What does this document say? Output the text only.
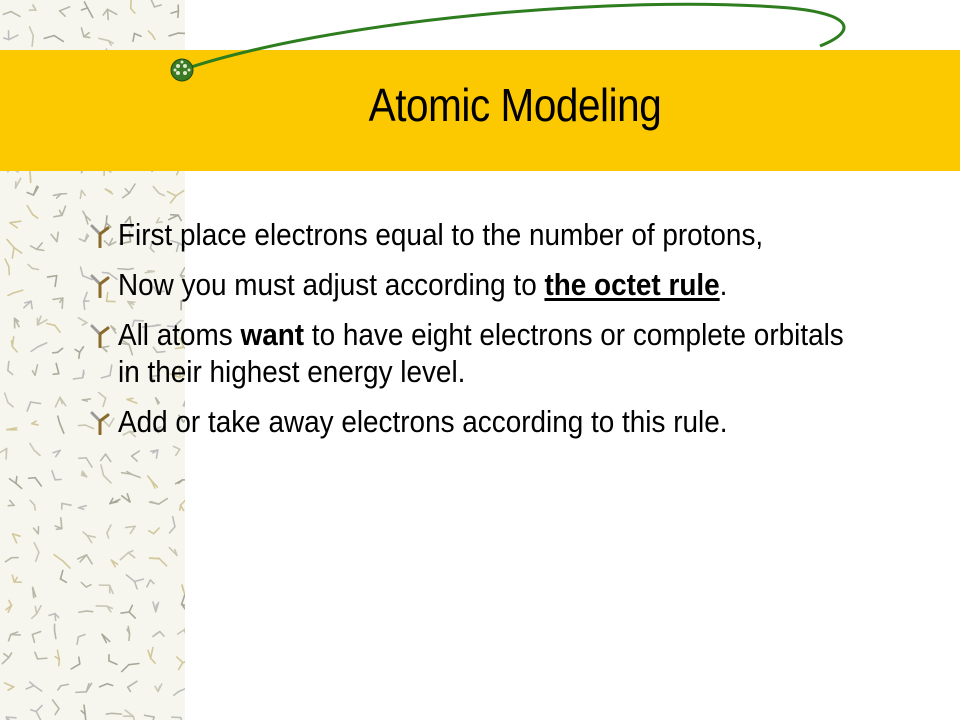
Atomic Modeling
First place electrons equal to the number of protons,
Now you must adjust according to the octet rule.
All atoms want to have eight electrons or complete orbitals in their highest energy level.
Add or take away electrons according to this rule.
